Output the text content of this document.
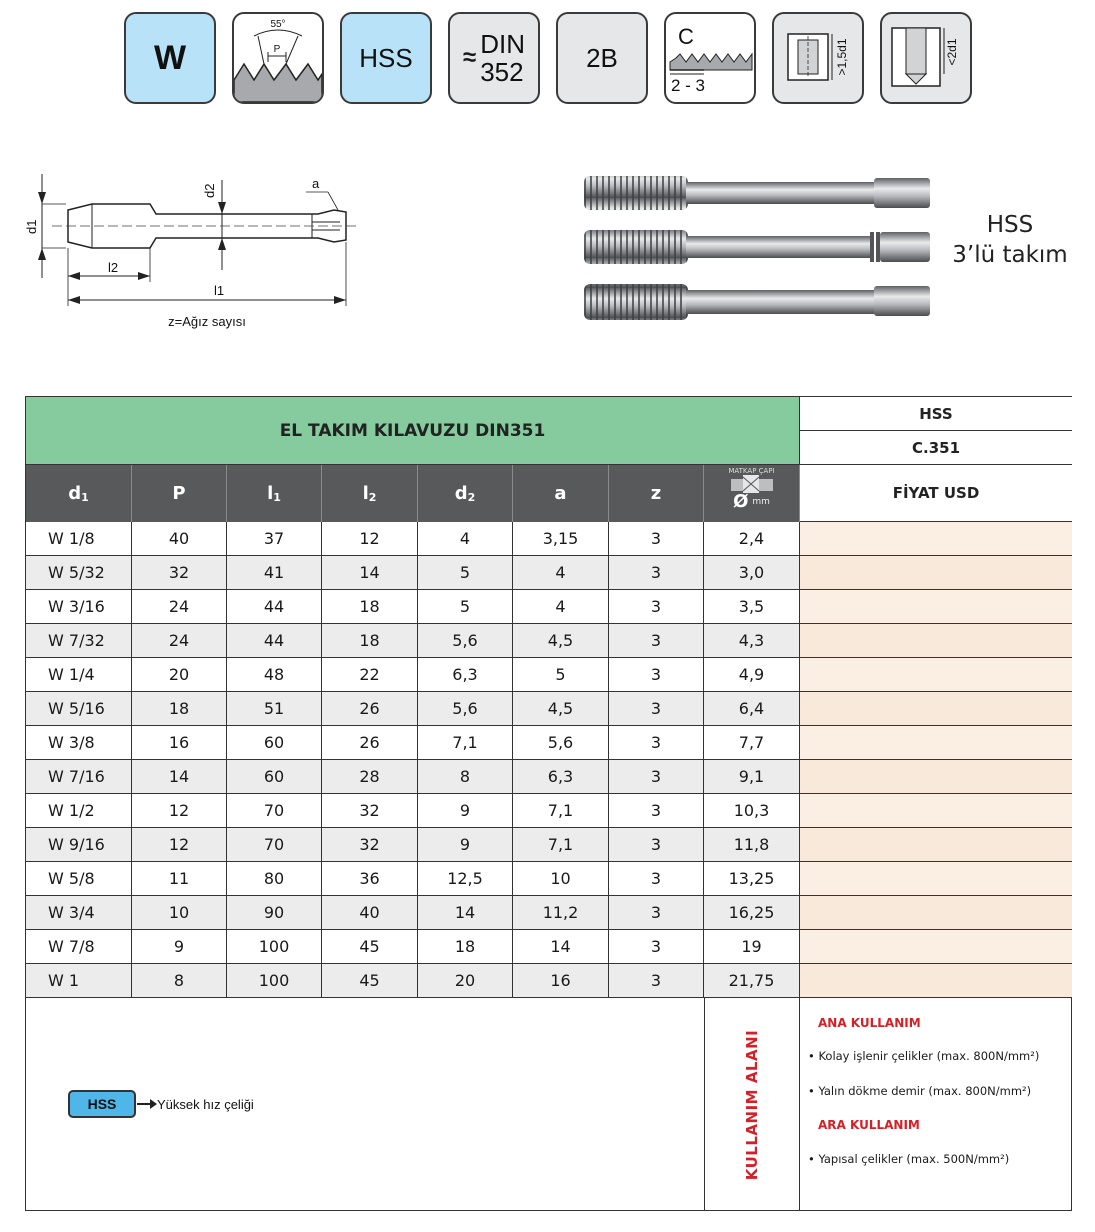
W
55°
P	HSS ≈ DIN
352 2B
C
2 - 3
>1,5d1	<2d1
d1
d2	a
l2
l1
z=Ağız sayısı
HSS
3’lü takım
EL TAKIM KILAVUZU DIN351
HSS
C.351
$d_1$	P	$l_1$	$l_2$	$d_2$	a	z
MATKAP ÇAPI
Ø mm	FİYAT USD
W 1/8	40	37	12	4	3,15	3	2,4
W 5/32	32	41	14	5	4	3	3,0
W 3/16	24	44	18	5	4	3	3,5
W 7/32	24	44	18	5,6	4,5	3	4,3
W 1/4	20	48	22	6,3	5	3	4,9
W 5/16	18	51	26	5,6	4,5	3	6,4
W 3/8	16	60	26	7,1	5,6	3	7,7
W 7/16	14	60	28	8	6,3	3	9,1
W 1/2	12	70	32	9	7,1	3	10,3
W 9/16	12	70	32	9	7,1	3	11,8
W 5/8	11	80	36	12,5	10	3	13,25
W 3/4	10	90	40	14	11,2	3	16,25
W 7/8	9	100	45	18	14	3	19
W 1	8	100	45	20	16	3	21,75
HSS	Yüksek hız çeliği	KULLANIM ALANI
ANA KULLANIM
• Kolay işlenir çelikler (max. 800N/mm²)
• Yalın dökme demir (max. 800N/mm²)
ARA KULLANIM
• Yapısal çelikler (max. 500N/mm²)
